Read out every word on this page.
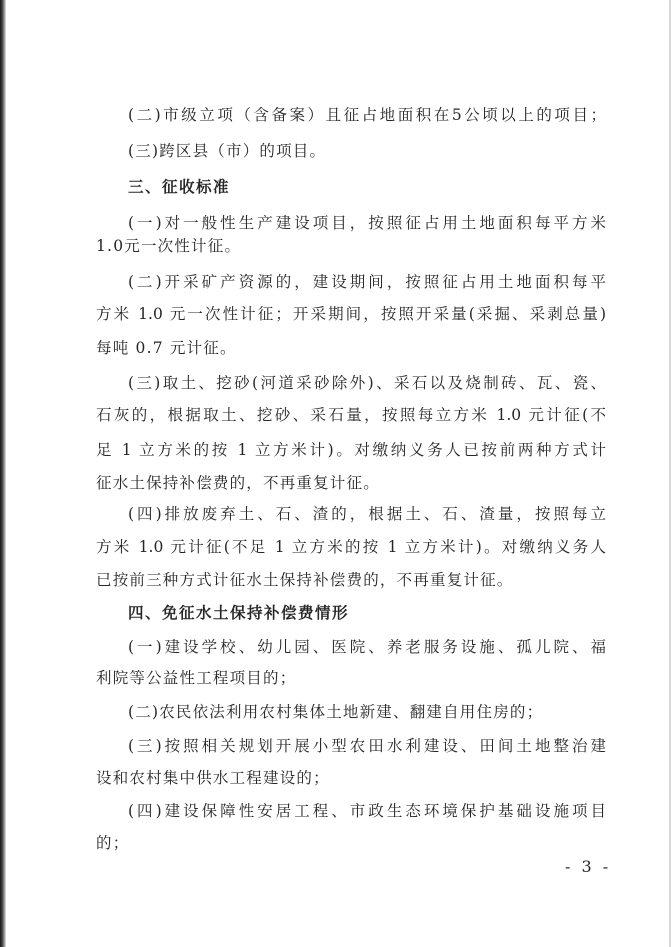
(二)市级立项（含备案）且征占地面积在5公顷以上的项目；
(三)跨区县（市）的项目。
三、征收标准
(一)对一般性生产建设项目，按照征占用土地面积每平方米
1.0元一次性计征。
(二)开采矿产资源的，建设期间，按照征占用土地面积每平
方米 1.0 元一次性计征；开采期间，按照开采量(采掘、采剥总量)
每吨 0.7 元计征。
(三)取土、挖砂(河道采砂除外)、采石以及烧制砖、瓦、瓷、
石灰的，根据取土、挖砂、采石量，按照每立方米 1.0 元计征(不
足 1 立方米的按 1 立方米计)。对缴纳义务人已按前两种方式计
征水土保持补偿费的，不再重复计征。
(四)排放废弃土、石、渣的，根据土、石、渣量，按照每立
方米 1.0 元计征(不足 1 立方米的按 1 立方米计)。对缴纳义务人
已按前三种方式计征水土保持补偿费的，不再重复计征。
四、免征水土保持补偿费情形
(一)建设学校、幼儿园、医院、养老服务设施、孤儿院、福
利院等公益性工程项目的；
(二)农民依法利用农村集体土地新建、翻建自用住房的；
(三)按照相关规划开展小型农田水利建设、田间土地整治建
设和农村集中供水工程建设的；
(四)建设保障性安居工程、市政生态环境保护基础设施项目
的；
- 3 -
